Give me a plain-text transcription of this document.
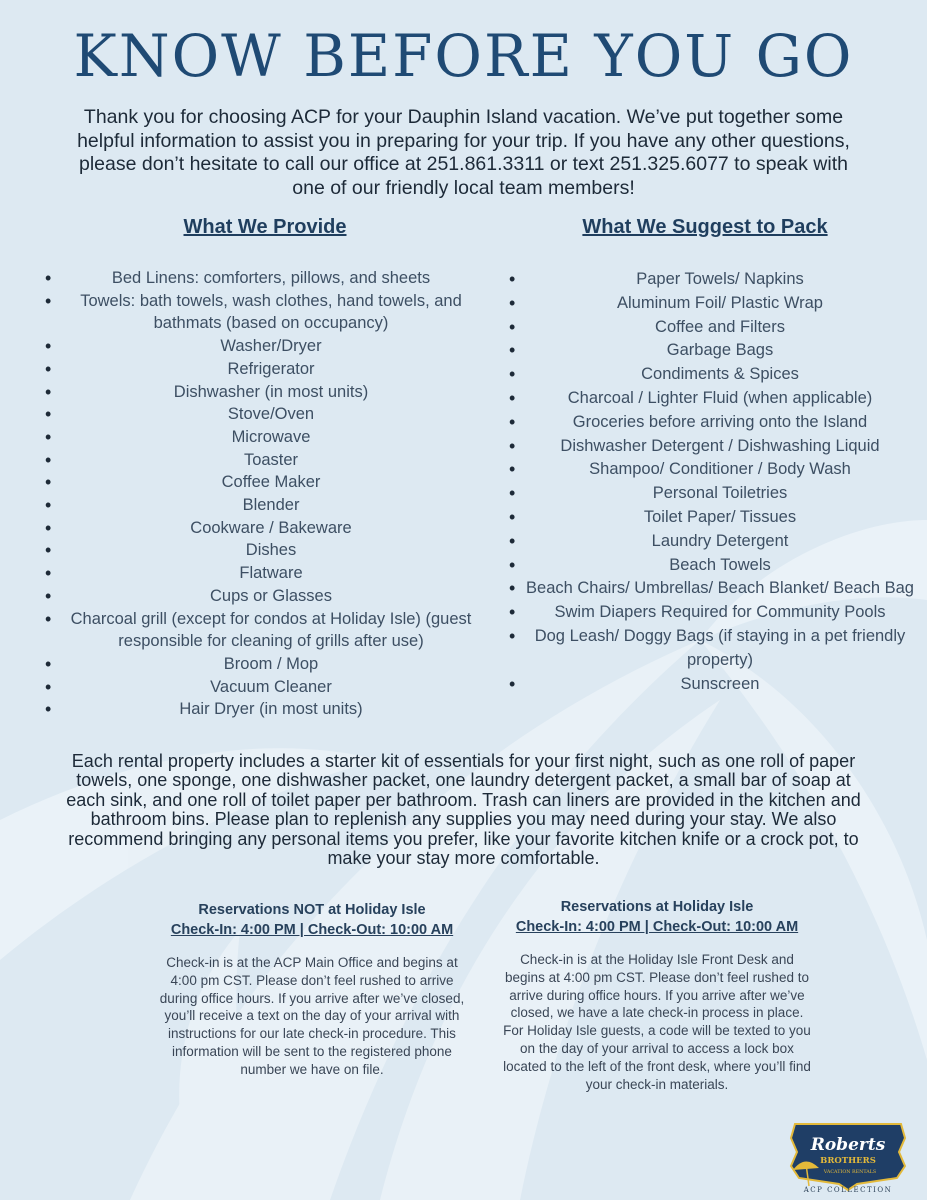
KNOW BEFORE YOU GO

Thank you for choosing ACP for your Dauphin Island vacation. We’ve put together some helpful information to assist you in preparing for your trip. If you have any other questions, please don’t hesitate to call our office at 251.861.3311 or text 251.325.6077 to speak with one of our friendly local team members!

What We Provide
• Bed Linens: comforters, pillows, and sheets
• Towels: bath towels, wash clothes, hand towels, and bathmats (based on occupancy)
• Washer/Dryer
• Refrigerator
• Dishwasher (in most units)
• Stove/Oven
• Microwave
• Toaster
• Coffee Maker
• Blender
• Cookware / Bakeware
• Dishes
• Flatware
• Cups or Glasses
• Charcoal grill (except for condos at Holiday Isle) (guest responsible for cleaning of grills after use)
• Broom / Mop
• Vacuum Cleaner
• Hair Dryer (in most units)
What We Suggest to Pack
• Paper Towels/ Napkins
• Aluminum Foil/ Plastic Wrap
• Coffee and Filters
• Garbage Bags
• Condiments & Spices
• Charcoal / Lighter Fluid (when applicable)
• Groceries before arriving onto the Island
• Dishwasher Detergent / Dishwashing Liquid
• Shampoo/ Conditioner / Body Wash
• Personal Toiletries
• Toilet Paper/ Tissues
• Laundry Detergent
• Beach Towels
• Beach Chairs/ Umbrellas/ Beach Blanket/ Beach Bag
• Swim Diapers Required for Community Pools
• Dog Leash/ Doggy Bags (if staying in a pet friendly property)
• Sunscreen

Each rental property includes a starter kit of essentials for your first night, such as one roll of paper towels, one sponge, one dishwasher packet, one laundry detergent packet, a small bar of soap at each sink, and one roll of toilet paper per bathroom. Trash can liners are provided in the kitchen and bathroom bins. Please plan to replenish any supplies you may need during your stay. We also recommend bringing any personal items you prefer, like your favorite kitchen knife or a crock pot, to make your stay more comfortable.

Reservations NOT at Holiday Isle

Check-In: 4:00 PM | Check-Out: 10:00 AM

Check-in is at the ACP Main Office and begins at 4:00 pm CST. Please don’t feel rushed to arrive during office hours. If you arrive after we’ve closed, you’ll receive a text on the day of your arrival with instructions for our late check-in procedure. This information will be sent to the registered phone number we have on file.

Reservations at Holiday Isle

Check-In: 4:00 PM | Check-Out: 10:00 AM

Check-in is at the Holiday Isle Front Desk and begins at 4:00 pm CST. Please don’t feel rushed to arrive during office hours. If you arrive after we’ve closed, we have a late check-in process in place. For Holiday Isle guests, a code will be texted to you on the day of your arrival to access a lock box located to the left of the front desk, where you’ll find your check-in materials.

Roberts
BROTHERS
VACATION RENTALS
ACP COLLECTION
